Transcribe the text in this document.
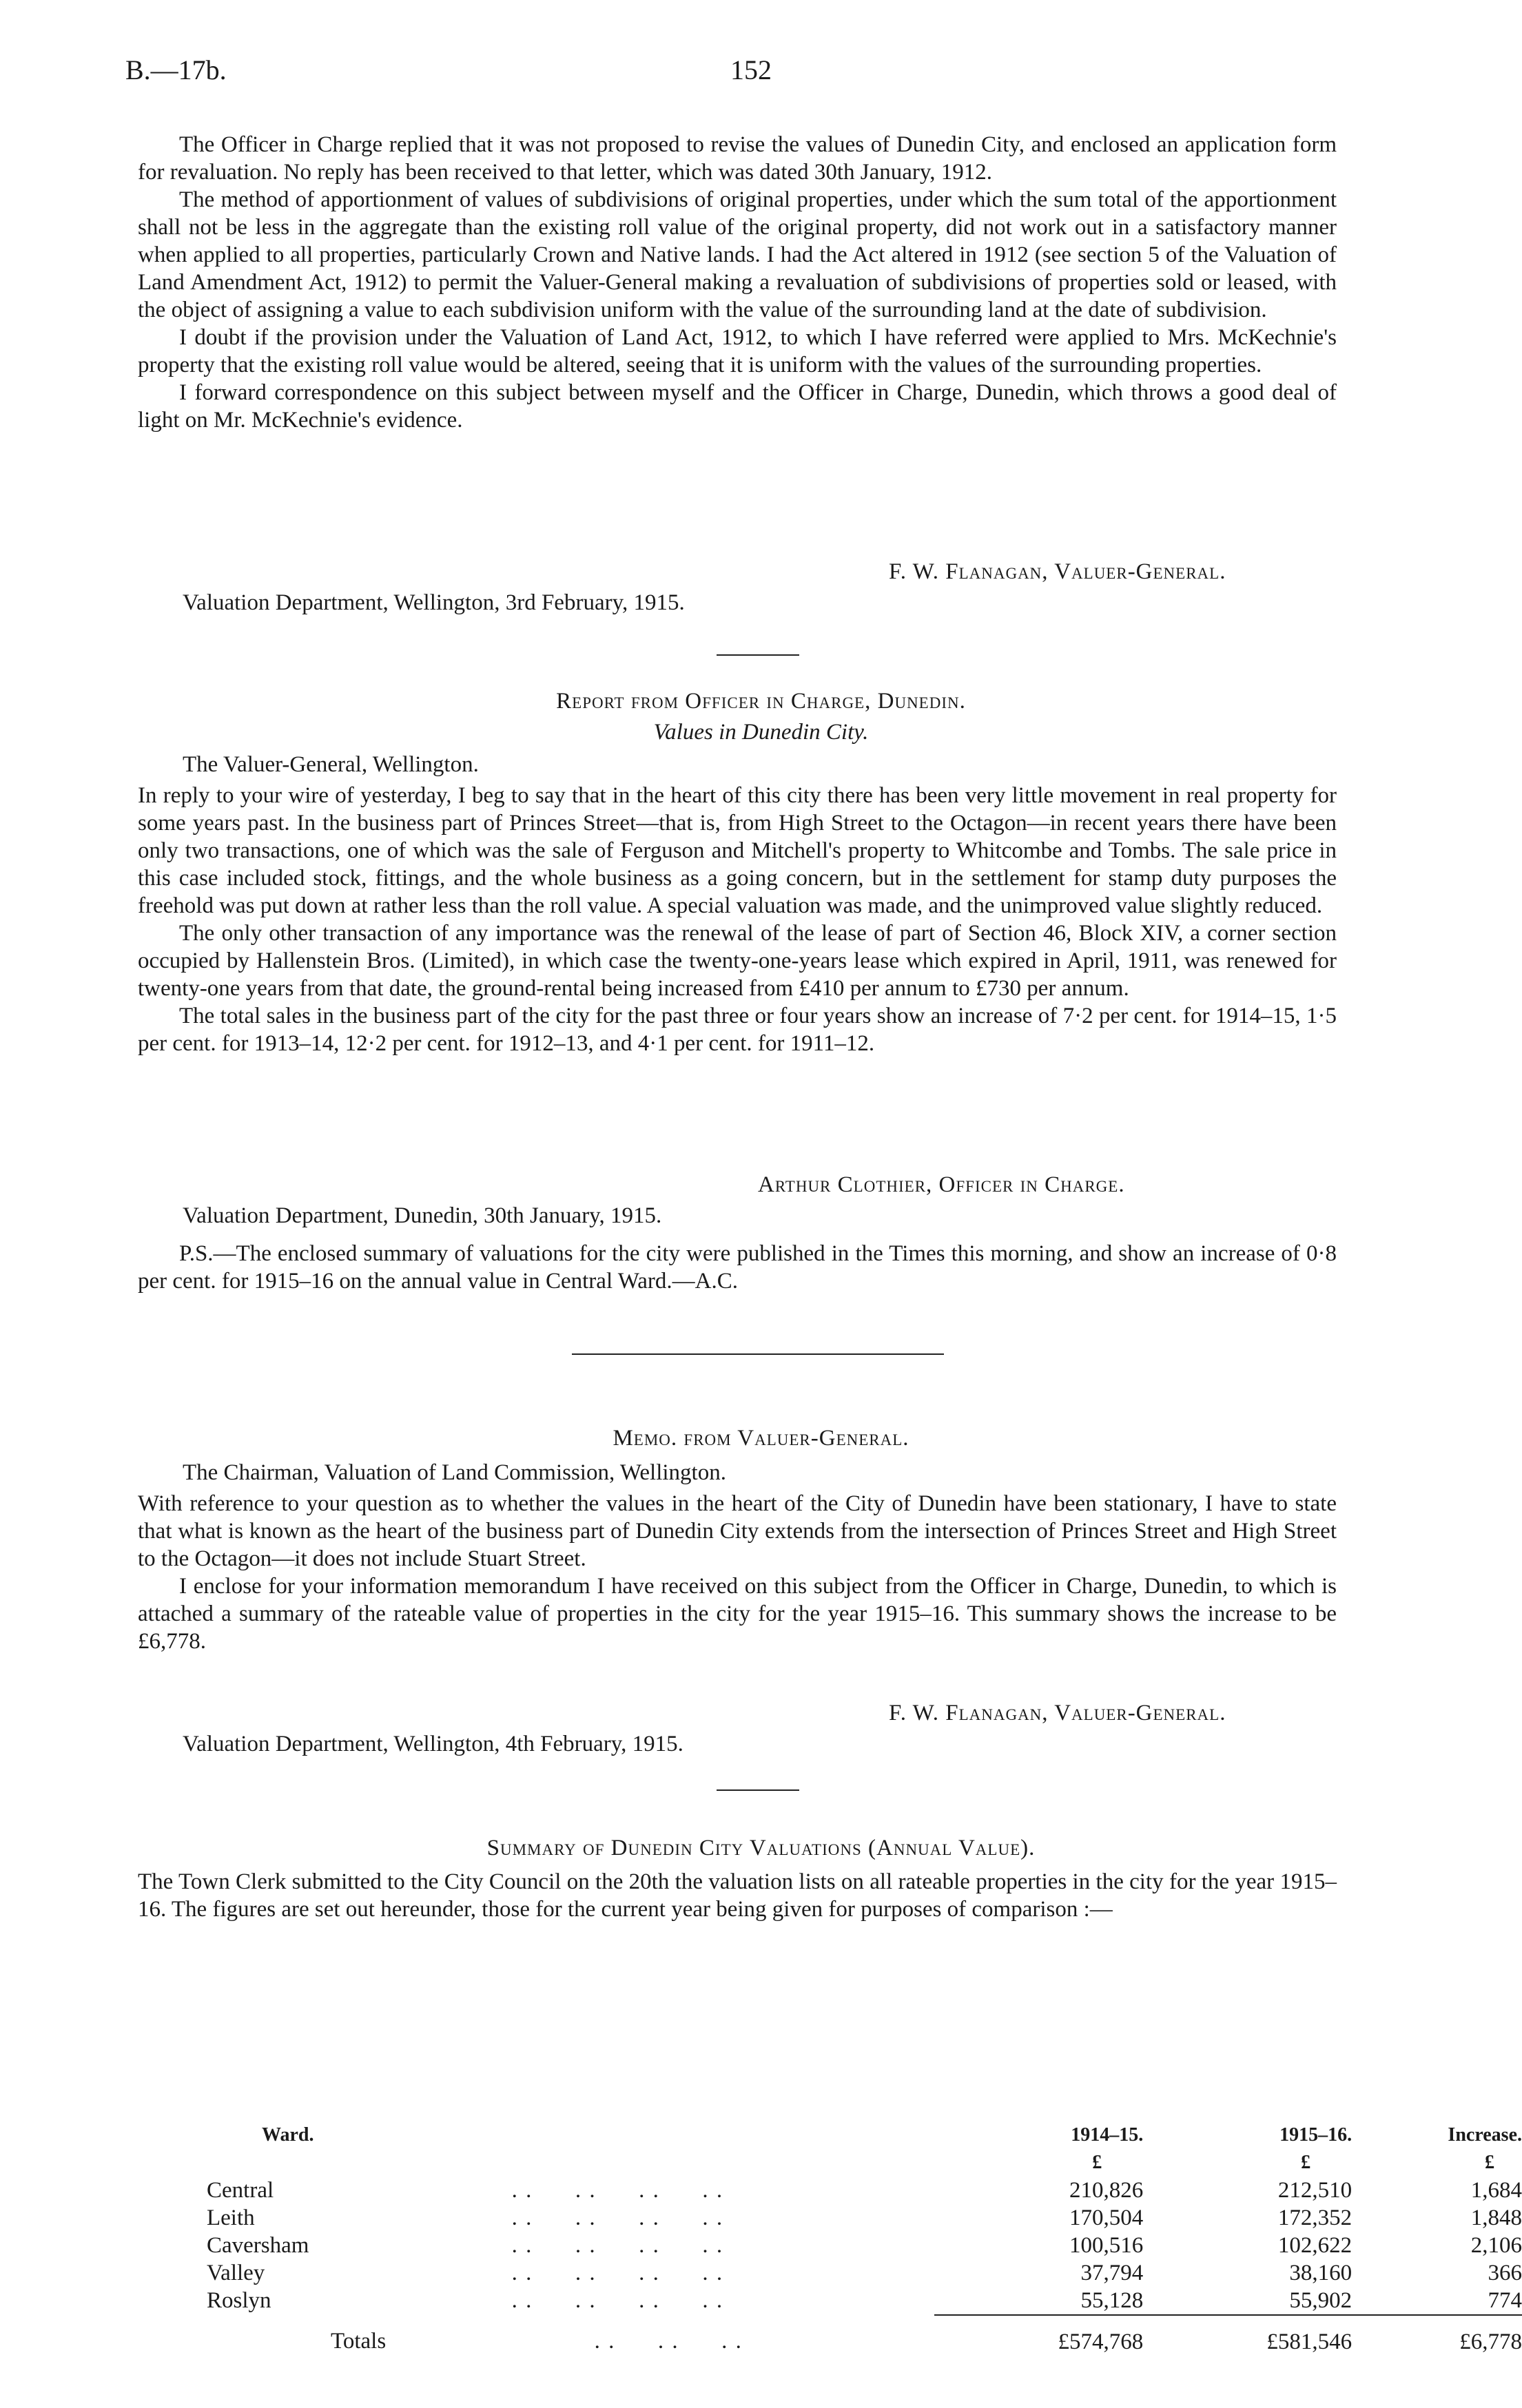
B.—17b.	152

The Officer in Charge replied that it was not proposed to revise the values of Dunedin City, and enclosed an application form for revaluation. No reply has been received to that letter, which was dated 30th January, 1912.

The method of apportionment of values of subdivisions of original properties, under which the sum total of the apportionment shall not be less in the aggregate than the existing roll value of the original property, did not work out in a satisfactory manner when applied to all properties, particularly Crown and Native lands. I had the Act altered in 1912 (see section 5 of the Valuation of Land Amendment Act, 1912) to permit the Valuer-General making a revaluation of subdivisions of properties sold or leased, with the object of assigning a value to each subdivision uniform with the value of the surrounding land at the date of subdivision.

I doubt if the provision under the Valuation of Land Act, 1912, to which I have referred were applied to Mrs. McKechnie's property that the existing roll value would be altered, seeing that it is uniform with the values of the surrounding properties.

I forward correspondence on this subject between myself and the Officer in Charge, Dunedin, which throws a good deal of light on Mr. McKechnie's evidence.

F. W. Flanagan, Valuer-General.
Valuation Department, Wellington, 3rd February, 1915.
Report from Officer in Charge, Dunedin.
Values in Dunedin City.
The Valuer-General, Wellington.

In reply to your wire of yesterday, I beg to say that in the heart of this city there has been very little movement in real property for some years past. In the business part of Princes Street—that is, from High Street to the Octagon—in recent years there have been only two transactions, one of which was the sale of Ferguson and Mitchell's property to Whitcombe and Tombs. The sale price in this case included stock, fittings, and the whole business as a going concern, but in the settlement for stamp duty purposes the freehold was put down at rather less than the roll value. A special valuation was made, and the unimproved value slightly reduced.

The only other transaction of any importance was the renewal of the lease of part of Section 46, Block XIV, a corner section occupied by Hallenstein Bros. (Limited), in which case the twenty-one-years lease which expired in April, 1911, was renewed for twenty-one years from that date, the ground-rental being increased from £410 per annum to £730 per annum.

The total sales in the business part of the city for the past three or four years show an increase of 7·2 per cent. for 1914–15, 1·5 per cent. for 1913–14, 12·2 per cent. for 1912–13, and 4·1 per cent. for 1911–12.

Arthur Clothier, Officer in Charge.
Valuation Department, Dunedin, 30th January, 1915.

P.S.—The enclosed summary of valuations for the city were published in the Times this morning, and show an increase of 0·8 per cent. for 1915–16 on the annual value in Central Ward.—A.C.

Memo. from Valuer-General.
The Chairman, Valuation of Land Commission, Wellington.

With reference to your question as to whether the values in the heart of the City of Dunedin have been stationary, I have to state that what is known as the heart of the business part of Dunedin City extends from the intersection of Princes Street and High Street to the Octagon—it does not include Stuart Street.

I enclose for your information memorandum I have received on this subject from the Officer in Charge, Dunedin, to which is attached a summary of the rateable value of properties in the city for the year 1915–16. This summary shows the increase to be £6,778.

F. W. Flanagan, Valuer-General.
Valuation Department, Wellington, 4th February, 1915.
Summary of Dunedin City Valuations (Annual Value).

The Town Clerk submitted to the City Council on the 20th the valuation lists on all rateable properties in the city for the year 1915–16. The figures are set out hereunder, those for the current year being given for purposes of comparison :—

Ward.		1914–15.	1915–16.	Increase.
		£	£	£
Central	. .      . .      . .      . .	210,826	212,510	1,684
Leith	. .      . .      . .      . .	170,504	172,352	1,848
Caversham	. .      . .      . .      . .	100,516	102,622	2,106
Valley	. .      . .      . .      . .	37,794	38,160	366
Roslyn	. .      . .      . .      . .	55,128	55,902	774
Totals	. .      . .      . .	£574,768	£581,546	£6,778
